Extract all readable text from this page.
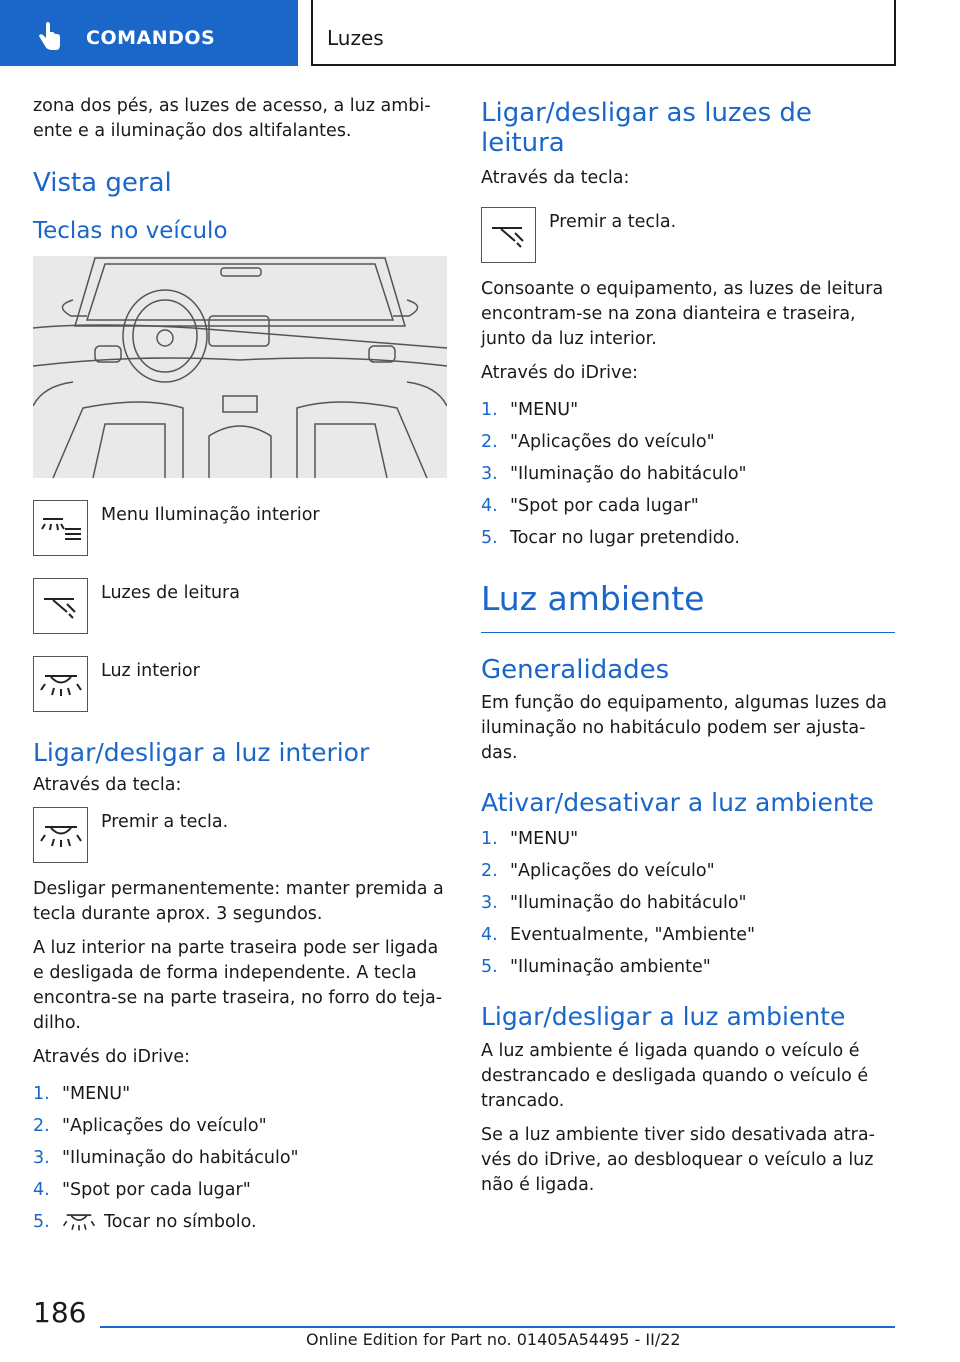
COMANDOS	Luzes

zona dos pés, as luzes de acesso, a luz ambiente e a iluminação dos altifalantes.

Vista geral
Teclas no veículo
Menu Iluminação interior
Luzes de leitura
Luz interior
Ligar/desligar a luz interior

Através da tecla:

Premir a tecla.

Desligar permanentemente: manter premida a tecla durante aprox. 3 segundos.

A luz interior na parte traseira pode ser ligada e desligada de forma independente. A tecla encontra-se na parte traseira, no forro do tejadilho.

Através do iDrive:

1. "MENU"
2. "Aplicações do veículo"
3. "Iluminação do habitáculo"
4. "Spot por cada lugar"
5.	Tocar no símbolo.
Ligar/desligar as luzes de leitura

Através da tecla:

Premir a tecla.

Consoante o equipamento, as luzes de leitura encontram-se na zona dianteira e traseira, junto da luz interior.

Através do iDrive:

1. "MENU"
2. "Aplicações do veículo"
3. "Iluminação do habitáculo"
4. "Spot por cada lugar"
5. Tocar no lugar pretendido.
Luz ambiente
Generalidades

Em função do equipamento, algumas luzes da iluminação no habitáculo podem ser ajustadas.

Ativar/desativar a luz ambiente
1. "MENU"
2. "Aplicações do veículo"
3. "Iluminação do habitáculo"
4. Eventualmente, "Ambiente"
5. "Iluminação ambiente"
Ligar/desligar a luz ambiente

A luz ambiente é ligada quando o veículo é destrancado e desligada quando o veículo é trancado.

Se a luz ambiente tiver sido desativada através do iDrive, ao desbloquear o veículo a luz não é ligada.

186
Online Edition for Part no. 01405A54495 - II/22
